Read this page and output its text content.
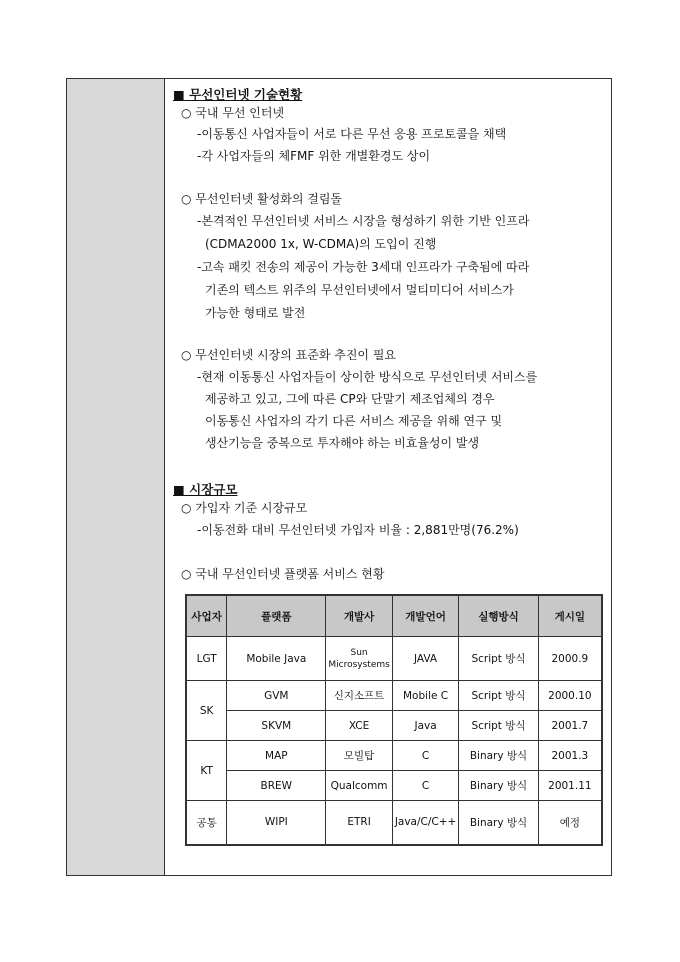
■ 무선인터넷 기술현황
○ 국내 무선 인터넷
-이동통신 사업자들이 서로 다른 무선 응용 프로토콜을 채택
-각 사업자들의 체FMF 위한 개별환경도 상이
○ 무선인터넷 활성화의 걸림돌
-본격적인 무선인터넷 서비스 시장을 형성하기 위한 기반 인프라
(CDMA2000 1x, W-CDMA)의 도입이 진행
-고속 패킷 전송의 제공이 가능한 3세대 인프라가 구축됨에 따라
기존의 텍스트 위주의 무선인터넷에서 멀티미디어 서비스가
가능한 형태로 발전
○ 무선인터넷 시장의 표준화 추진이 필요
-현재 이동통신 사업자들이 상이한 방식으로 무선인터넷 서비스를
제공하고 있고, 그에 따른 CP와 단말기 제조업체의 경우
이동통신 사업자의 각기 다른 서비스 제공을 위해 연구 및
생산기능을 중복으로 투자해야 하는 비효율성이 발생
■ 시장규모
○ 가입자 기준 시장규모
-이동전화 대비 무선인터넷 가입자 비율 : 2,881만명(76.2%)
○ 국내 무선인터넷 플랫폼 서비스 현황
사업자	플랫폼	개발사	개발언어	실행방식	게시일
LGT	Mobile Java	Sun Microsystems	JAVA	Script 방식	2000.9
SK	GVM	신지소프트	Mobile C	Script 방식	2000.10
	SKVM	XCE	Java	Script 방식	2001.7
KT	MAP	모빌탑	C	Binary 방식	2001.3
	BREW	Qualcomm	C	Binary 방식	2001.11
공통	WIPI	ETRI	Java/C/C++	Binary 방식	예정
